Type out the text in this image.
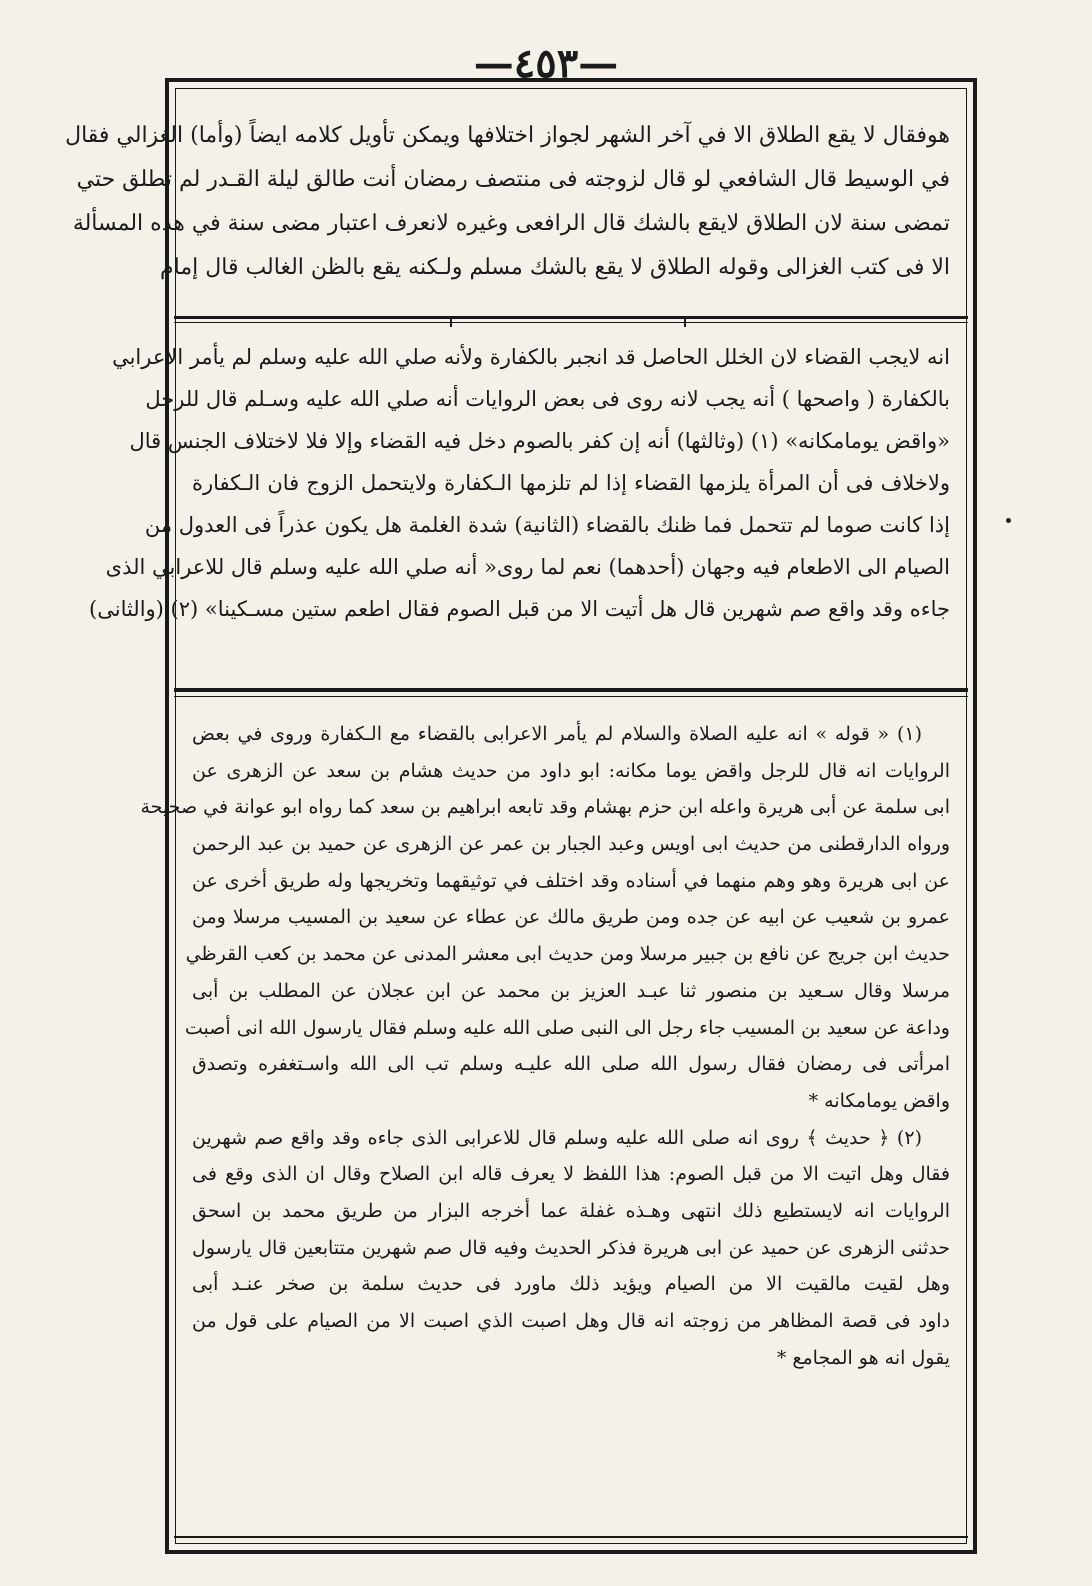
—٤٥٣—

هوفقال لا يقع الطلاق الا في آخر الشهر لجواز اختلافها ويمكن تأويل كلامه ايضاً (وأما) الغزالي فقال

في الوسيط قال الشافعي لو قال لزوجته فى منتصف رمضان أنت طالق ليلة القـدر لم تطلق حتي

تمضى سنة لان الطلاق لايقع بالشك قال الرافعى وغيره لانعرف اعتبار مضى سنة في هذه المسألة

الا فى كتب الغزالى وقوله الطلاق لا يقع بالشك مسلم ولـكنه يقع بالظن الغالب قال إمام

انه لايجب القضاء لان الخلل الحاصل قد انجبر بالكفارة ولأنه صلي الله عليه وسلم لم يأمر الاعرابي

بالكفارة ( واصحها ) أنه يجب لانه روى فى بعض الروايات أنه صلي الله عليه وسـلم قال للرجل

«واقض يومامكانه» (١) (وثالثها) أنه إن كفر بالصوم دخل فيه القضاء وإلا فلا لاختلاف الجنس قال

ولاخلاف فى أن المرأة يلزمها القضاء إذا لم تلزمها الـكفارة ولايتحمل الزوج فان الـكفارة

إذا كانت صوما لم تتحمل فما ظنك بالقضاء (الثانية) شدة الغلمة هل يكون عذراً فى العدول من

الصيام الى الاطعام فيه وجهان (أحدهما) نعم لما روى« أنه صلي الله عليه وسلم قال للاعرابي الذى

جاءه وقد واقع صم شهرين قال هل أتيت الا من قبل الصوم فقال اطعم ستين مسـكينا» (٢) (والثانى)

(١) « قوله » انه عليه الصلاة والسلام لم يأمر الاعرابى بالقضاء مع الـكفارة وروى في بعض

الروايات انه قال للرجل واقض يوما مكانه: ابو داود من حديث هشام بن سعد عن الزهرى عن

ابى سلمة عن أبى هريرة واعله ابن حزم بهشام وقد تابعه ابراهيم بن سعد كما رواه ابو عوانة في صحيحة

ورواه الدارقطنى من حديث ابى اويس وعبد الجبار بن عمر عن الزهرى عن حميد بن عبد الرحمن

عن ابى هريرة وهو وهم منهما في أسناده وقد اختلف في توثيقهما وتخريجها وله طريق أخرى عن

عمرو بن شعيب عن ابيه عن جده ومن طريق مالك عن عطاء عن سعيد بن المسيب مرسلا ومن

حديث ابن جريج عن نافع بن جبير مرسلا ومن حديث ابى معشر المدنى عن محمد بن كعب القرظي

مرسلا وقال سـعيد بن منصور ثنا عبـد العزيز بن محمد عن ابن عجلان عن المطلب بن أبى

وداعة عن سعيد بن المسيب جاء رجل الى النبى صلى الله عليه وسلم فقال يارسول الله انى أصبت

امرأتى فى رمضان فقال رسول الله صلى الله عليـه وسلم تب الى الله واسـتغفره وتصدق

واقض يومامكانه *

(٢) ﴿ حديث ﴾ روى انه صلى الله عليه وسلم قال للاعرابى الذى جاءه وقد واقع صم شهرين

فقال وهل اتيت الا من قبل الصوم: هذا اللفظ لا يعرف قاله ابن الصلاح وقال ان الذى وقع فى

الروايات انه لايستطيع ذلك انتهى وهـذه غفلة عما أخرجه البزار من طريق محمد بن اسحق

حدثنى الزهرى عن حميد عن ابى هريرة فذكر الحديث وفيه قال صم شهرين متتابعين قال يارسول

وهل لقيت مالقيت الا من الصيام ويؤيد ذلك ماورد فى حديث سلمة بن صخر عنـد أبى

داود فى قصة المظاهر من زوجته انه قال وهل اصبت الذي اصبت الا من الصيام على قول من

يقول انه هو المجامع *
